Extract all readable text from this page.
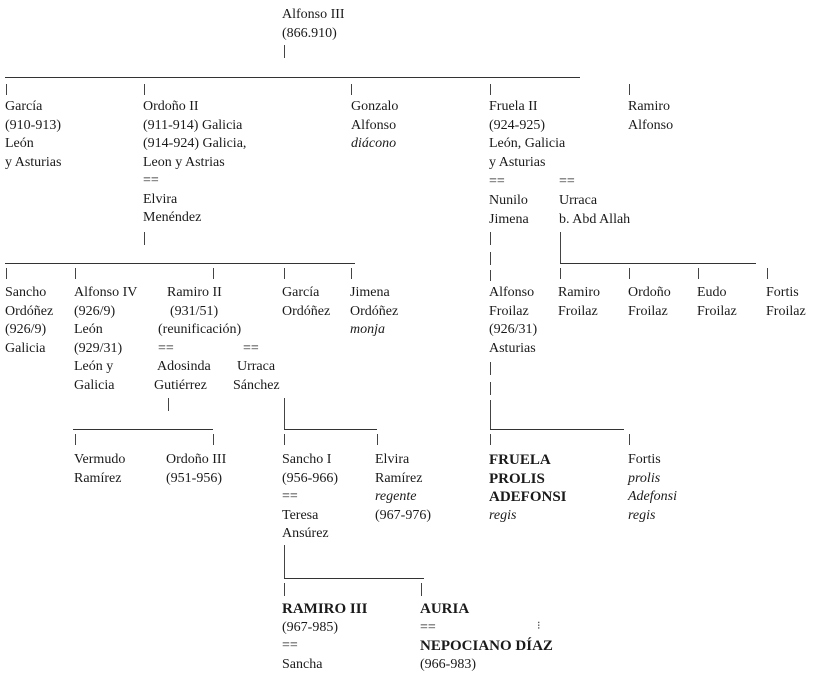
Alfonso III
(866.910)
García
(910-913)
León
y Asturias
Ordoño II
(911-914) Galicia
(914-924) Galicia,
Leon y Astrias
==
Elvira
Menéndez
Gonzalo
Alfonso
diácono
Fruela II
(924-925)
León, Galicia
y Asturias
==
Nunilo
Jimena
==
Urraca
b. Abd Allah
Ramiro
Alfonso
Sancho
Ordóñez
(926/9)
Galicia
Alfonso IV
(926/9)
León
(929/31)
León y
Galicia
Ramiro II
(931/51)
(reunificación)
==
Adosinda
Gutiérrez
==
Urraca
Sánchez
García
Ordóñez
Jimena
Ordóñez
monja
Alfonso
Froilaz
(926/31)
Asturias
Ramiro
Froilaz
Ordoño
Froilaz
Eudo
Froilaz
Fortis
Froilaz
Vermudo
Ramírez
Ordoño III
(951-956)
Sancho I
(956-966)
==
Teresa
Ansúrez
Elvira
Ramírez
regente
(967-976)
FRUELA
PROLIS
ADEFONSI
regis
Fortis
prolis
Adefonsi
regis
RAMIRO III
(967-985)
==
Sancha
AURIA
==
NEPOCIANO DÍAZ
(966-983)
⁝
